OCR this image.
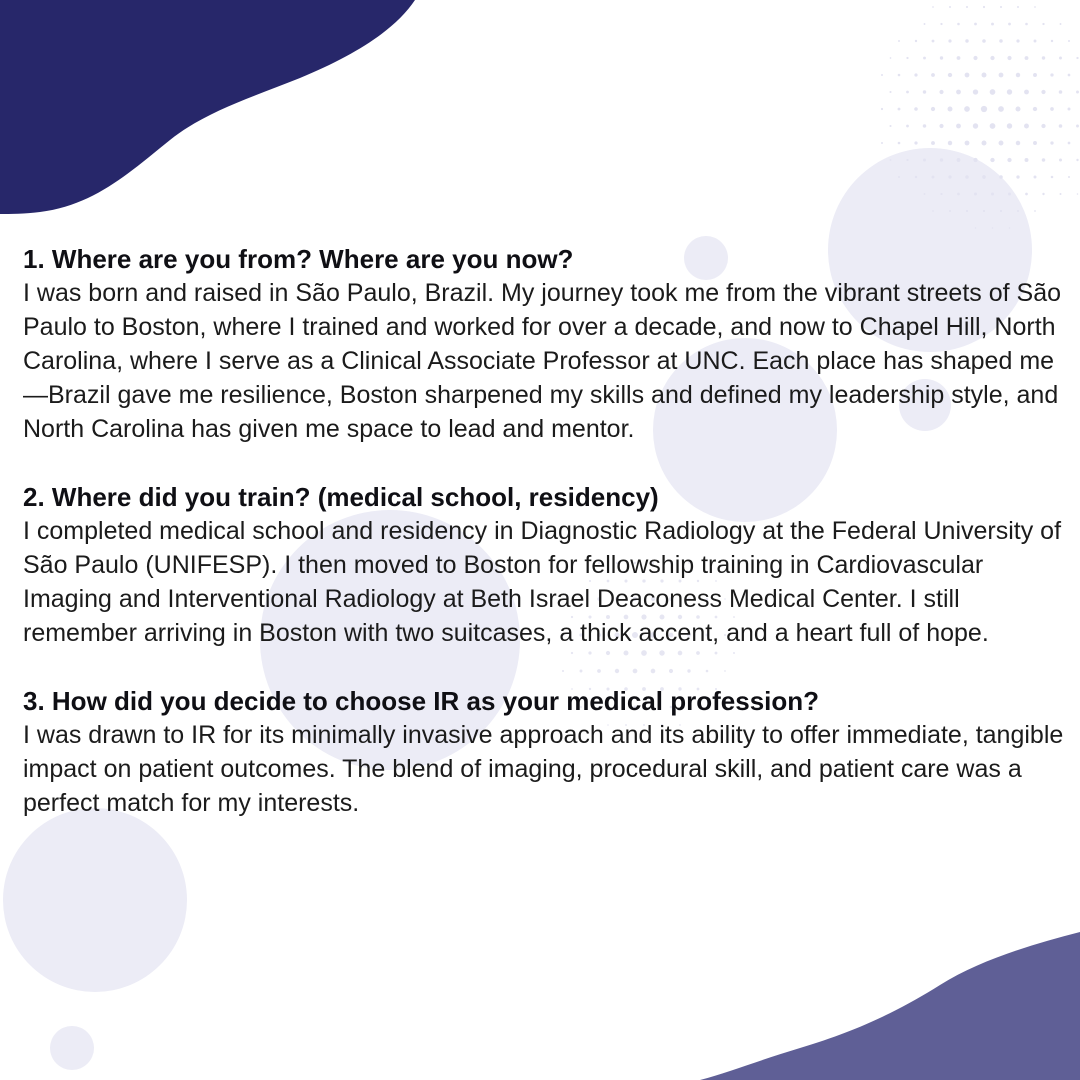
1. Where are you from? Where are you now?

I was born and raised in São Paulo, Brazil. My journey took me from the vibrant streets of São Paulo to Boston, where I trained and worked for over a decade, and now to Chapel Hill, North Carolina, where I serve as a Clinical Associate Professor at UNC. Each place has shaped me—Brazil gave me resilience, Boston sharpened my skills and defined my leadership style, and North Carolina has given me space to lead and mentor.

2. Where did you train? (medical school, residency)

I completed medical school and residency in Diagnostic Radiology at the Federal University of São Paulo (UNIFESP). I then moved to Boston for fellowship training in Cardiovascular Imaging and Interventional Radiology at Beth Israel Deaconess Medical Center. I still remember arriving in Boston with two suitcases, a thick accent, and a heart full of hope.

3. How did you decide to choose IR as your medical profession?

I was drawn to IR for its minimally invasive approach and its ability to offer immediate, tangible impact on patient outcomes. The blend of imaging, procedural skill, and patient care was a perfect match for my interests.
